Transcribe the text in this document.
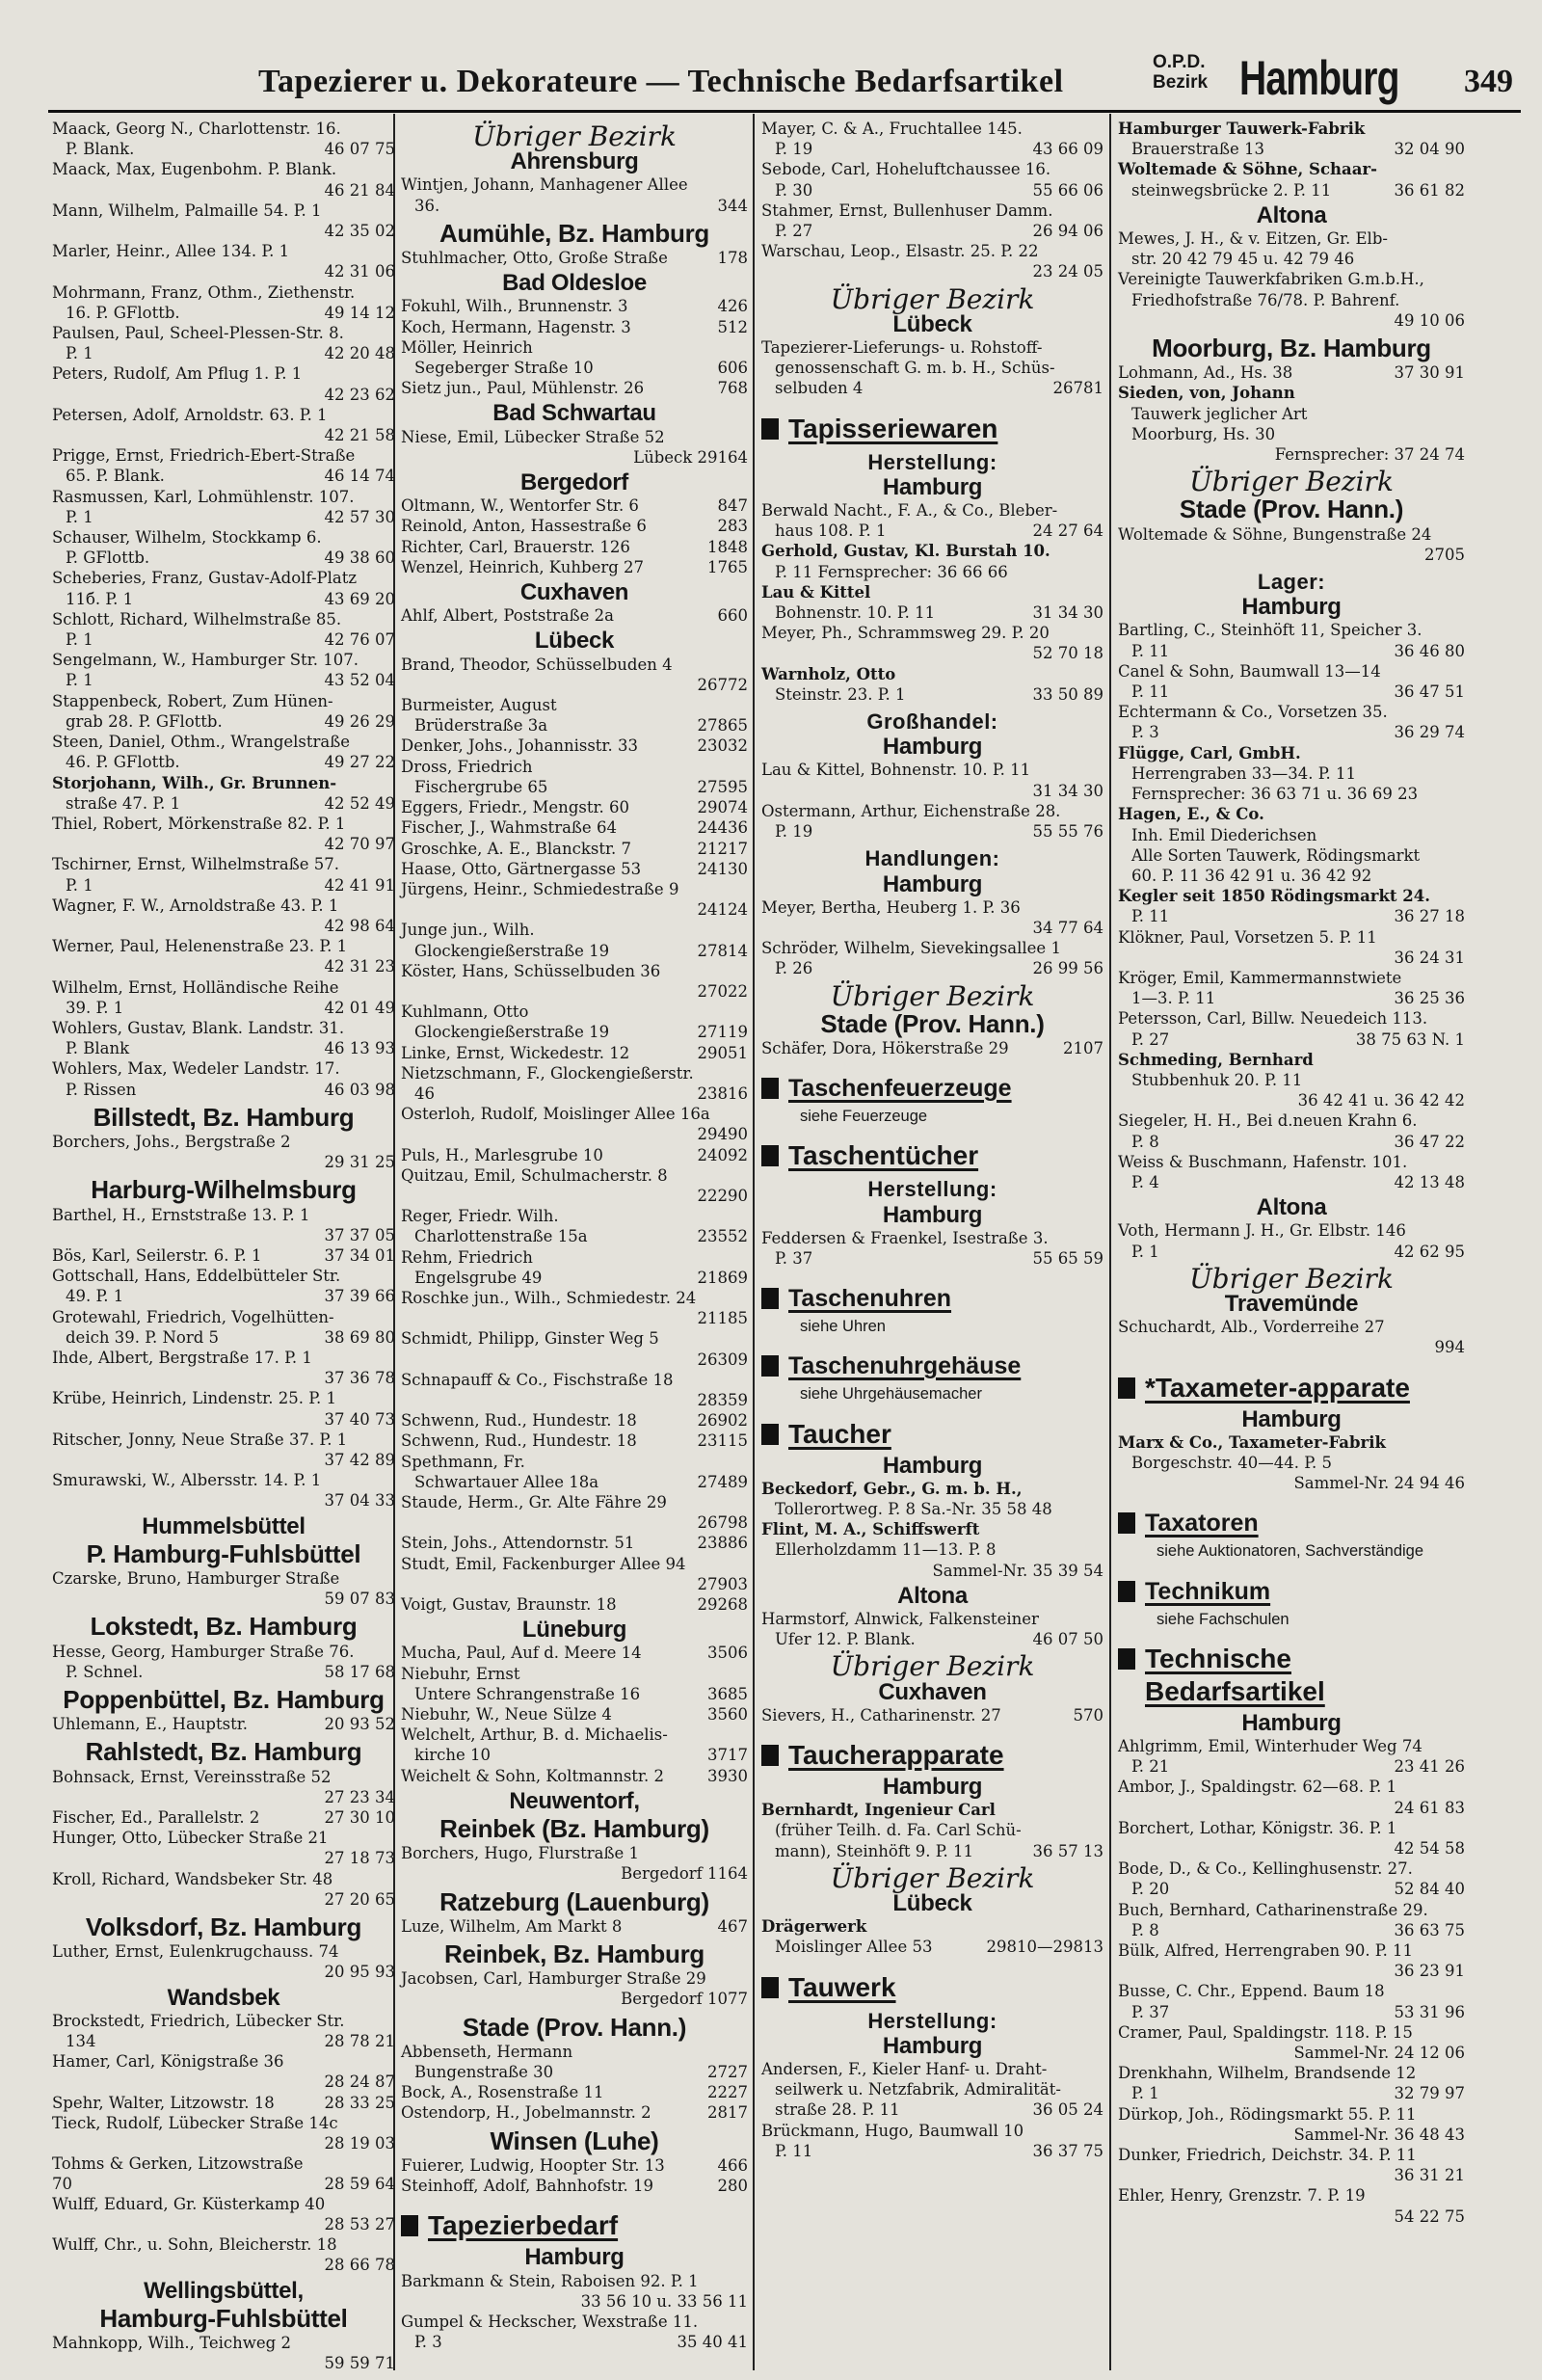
Tapezierer u. Dekorateure — Technische Bedarfsartikel
O.P.D.
Bezirk Hamburg 349
Maack, Georg N., Charlottenstr. 16.
P. Blank.	46 07 75
Maack, Max, Eugenbohm. P. Blank.
46 21 84
Mann, Wilhelm, Palmaille 54. P. 1
42 35 02
Marler, Heinr., Allee 134. P. 1
42 31 06
Mohrmann, Franz, Othm., Ziethenstr.
16. P. GFlottb.	49 14 12
Paulsen, Paul, Scheel-Plessen-Str. 8.
P. 1	42 20 48
Peters, Rudolf, Am Pflug 1. P. 1
42 23 62
Petersen, Adolf, Arnoldstr. 63. P. 1
42 21 58
Prigge, Ernst, Friedrich-Ebert-Straße
65. P. Blank.	46 14 74
Rasmussen, Karl, Lohmühlenstr. 107.
P. 1	42 57 30
Schauser, Wilhelm, Stockkamp 6.
P. GFlottb.	49 38 60
Scheberies, Franz, Gustav-Adolf-Platz
11б. P. 1	43 69 20
Schlott, Richard, Wilhelmstraße 85.
P. 1	42 76 07
Sengelmann, W., Hamburger Str. 107.
P. 1	43 52 04
Stappenbeck, Robert, Zum Hünen-
grab 28. P. GFlottb.	49 26 29
Steen, Daniel, Othm., Wrangelstraße
46. P. GFlottb.	49 27 22
Storjohann, Wilh., Gr. Brunnen-
straße 47. P. 1	42 52 49
Thiel, Robert, Mörkenstraße 82. P. 1
42 70 97
Tschirner, Ernst, Wilhelmstraße 57.
P. 1	42 41 91
Wagner, F. W., Arnoldstraße 43. P. 1
42 98 64
Werner, Paul, Helenenstraße 23. P. 1
42 31 23
Wilhelm, Ernst, Holländische Reihe
39. P. 1	42 01 49
Wohlers, Gustav, Blank. Landstr. 31.
P. Blank	46 13 93
Wohlers, Max, Wedeler Landstr. 17.
P. Rissen	46 03 98
Billstedt, Bz. Hamburg
Borchers, Johs., Bergstraße 2
29 31 25
Harburg-Wilhelmsburg
Barthel, H., Ernststraße 13. P. 1
37 37 05
Bös, Karl, Seilerstr. 6. P. 1	37 34 01
Gottschall, Hans, Eddelbütteler Str.
49. P. 1	37 39 66
Grotewahl, Friedrich, Vogelhütten-
deich 39. P. Nord 5	38 69 80
Ihde, Albert, Bergstraße 17. P. 1
37 36 78
Krübe, Heinrich, Lindenstr. 25. P. 1
37 40 73
Ritscher, Jonny, Neue Straße 37. P. 1
37 42 89
Smurawski, W., Albersstr. 14. P. 1
37 04 33
Hummelsbüttel
P. Hamburg-Fuhlsbüttel
Czarske, Bruno, Hamburger Straße
59 07 83
Lokstedt, Bz. Hamburg
Hesse, Georg, Hamburger Straße 76.
P. Schnel.	58 17 68
Poppenbüttel, Bz. Hamburg
Uhlemann, E., Hauptstr.	20 93 52
Rahlstedt, Bz. Hamburg
Bohnsack, Ernst, Vereinsstraße 52
27 23 34
Fischer, Ed., Parallelstr. 2	27 30 10
Hunger, Otto, Lübecker Straße 21
27 18 73
Kroll, Richard, Wandsbeker Str. 48
27 20 65
Volksdorf, Bz. Hamburg
Luther, Ernst, Eulenkrugchauss. 74
20 95 93
Wandsbek
Brockstedt, Friedrich, Lübecker Str.
134	28 78 21
Hamer, Carl, Königstraße 36
28 24 87
Spehr, Walter, Litzowstr. 18	28 33 25
Tieck, Rudolf, Lübecker Straße 14c
28 19 03
Tohms & Gerken, Litzowstraße 70	28 59 64
Wulff, Eduard, Gr. Küsterkamp 40
28 53 27
Wulff, Chr., u. Sohn, Bleicherstr. 18
28 66 78
Wellingsbüttel,
Hamburg-Fuhlsbüttel
Mahnkopp, Wilh., Teichweg 2
59 59 71
Übriger Bezirk
Ahrensburg
Wintjen, Johann, Manhagener Allee
36.	344
Aumühle, Bz. Hamburg
Stuhlmacher, Otto, Große Straße	178
Bad Oldesloe
Fokuhl, Wilh., Brunnenstr. 3	426
Koch, Hermann, Hagenstr. 3	512
Möller, Heinrich
Segeberger Straße 10	606
Sietz jun., Paul, Mühlenstr. 26	768
Bad Schwartau
Niese, Emil, Lübecker Straße 52
Lübeck 29164
Bergedorf
Oltmann, W., Wentorfer Str. 6	847
Reinold, Anton, Hassestraße 6	283
Richter, Carl, Brauerstr. 126	1848
Wenzel, Heinrich, Kuhberg 27	1765
Cuxhaven
Ahlf, Albert, Poststraße 2a	660
Lübeck
Brand, Theodor, Schüsselbuden 4
26772
Burmeister, August
Brüderstraße 3a	27865
Denker, Johs., Johannisstr. 33	23032
Dross, Friedrich
Fischergrube 65	27595
Eggers, Friedr., Mengstr. 60	29074
Fischer, J., Wahmstraße 64	24436
Groschke, A. E., Blanckstr. 7	21217
Haase, Otto, Gärtnergasse 53	24130
Jürgens, Heinr., Schmiedestraße 9
24124
Junge jun., Wilh.
Glockengießerstraße 19	27814
Köster, Hans, Schüsselbuden 36
27022
Kuhlmann, Otto
Glockengießerstraße 19	27119
Linke, Ernst, Wickedestr. 12	29051
Nietzschmann, F., Glockengießerstr.
46	23816
Osterloh, Rudolf, Moislinger Allee 16a
29490
Puls, H., Marlesgrube 10	24092
Quitzau, Emil, Schulmacherstr. 8
22290
Reger, Friedr. Wilh.
Charlottenstraße 15a	23552
Rehm, Friedrich
Engelsgrube 49	21869
Roschke jun., Wilh., Schmiedestr. 24
21185
Schmidt, Philipp, Ginster Weg 5
26309
Schnapauff & Co., Fischstraße 18
28359
Schwenn, Rud., Hundestr. 18	26902
Schwenn, Rud., Hundestr. 18	23115
Spethmann, Fr.
Schwartauer Allee 18a	27489
Staude, Herm., Gr. Alte Fähre 29
26798
Stein, Johs., Attendornstr. 51	23886
Studt, Emil, Fackenburger Allee 94
27903
Voigt, Gustav, Braunstr. 18	29268
Lüneburg
Mucha, Paul, Auf d. Meere 14	3506
Niebuhr, Ernst
Untere Schrangenstraße 16	3685
Niebuhr, W., Neue Sülze 4	3560
Welchelt, Arthur, B. d. Michaelis-
kirche 10	3717
Weichelt & Sohn, Koltmannstr. 2	3930
Neuwentorf,
Reinbek (Bz. Hamburg)
Borchers, Hugo, Flurstraße 1
Bergedorf 1164
Ratzeburg (Lauenburg)
Luze, Wilhelm, Am Markt 8	467
Reinbek, Bz. Hamburg
Jacobsen, Carl, Hamburger Straße 29
Bergedorf 1077
Stade (Prov. Hann.)
Abbenseth, Hermann
Bungenstraße 30	2727
Bock, A., Rosenstraße 11	2227
Ostendorp, H., Jobelmannstr. 2	2817
Winsen (Luhe)
Fuierer, Ludwig, Hoopter Str. 13	466
Steinhoff, Adolf, Bahnhofstr. 19	280
Tapezierbedarf
Hamburg
Barkmann & Stein, Raboisen 92. P. 1
33 56 10 u. 33 56 11
Gumpel & Heckscher, Wexstraße 11.
P. 3	35 40 41
Mayer, C. & A., Fruchtallee 145.
P. 19	43 66 09
Sebode, Carl, Hoheluftchaussee 16.
P. 30	55 66 06
Stahmer, Ernst, Bullenhuser Damm.
P. 27	26 94 06
Warschau, Leop., Elsastr. 25. P. 22
23 24 05
Übriger Bezirk
Lübeck
Tapezierer-Lieferungs- u. Rohstoff-
genossenschaft G. m. b. H., Schüs-
selbuden 4	26781
Tapisseriewaren
Herstellung:
Hamburg
Berwald Nacht., F. A., & Co., Bleber-
haus 108. P. 1	24 27 64
Gerhold, Gustav, Kl. Burstah 10.
P. 11 Fernsprecher: 36 66 66
Lau & Kittel
Bohnenstr. 10. P. 11	31 34 30
Meyer, Ph., Schrammsweg 29. P. 20
52 70 18
Warnholz, Otto
Steinstr. 23. P. 1	33 50 89
Großhandel:
Hamburg
Lau & Kittel, Bohnenstr. 10. P. 11
31 34 30
Ostermann, Arthur, Eichenstraße 28.
P. 19	55 55 76
Handlungen:
Hamburg
Meyer, Bertha, Heuberg 1. P. 36
34 77 64
Schröder, Wilhelm, Sievekingsallee 1
P. 26	26 99 56
Übriger Bezirk
Stade (Prov. Hann.)
Schäfer, Dora, Hökerstraße 29	2107
Taschenfeuerzeuge
siehe Feuerzeuge
Taschentücher
Herstellung:
Hamburg
Feddersen & Fraenkel, Isestraße 3.
P. 37	55 65 59
Taschenuhren
siehe Uhren
Taschenuhrgehäuse
siehe Uhrgehäusemacher
Taucher
Hamburg
Beckedorf, Gebr., G. m. b. H.,
Tollerortweg. P. 8 Sa.-Nr. 35 58 48
Flint, M. A., Schiffswerft
Ellerholzdamm 11—13. P. 8
Sammel-Nr. 35 39 54
Altona
Harmstorf, Alnwick, Falkensteiner
Ufer 12. P. Blank.	46 07 50
Übriger Bezirk
Cuxhaven
Sievers, H., Catharinenstr. 27	570
Taucherapparate
Hamburg
Bernhardt, Ingenieur Carl
(früher Teilh. d. Fa. Carl Schü-
mann), Steinhöft 9. P. 11	36 57 13
Übriger Bezirk
Lübeck
Drägerwerk
Moislinger Allee 53	29810—29813
Tauwerk
Herstellung:
Hamburg
Andersen, F., Kieler Hanf- u. Draht-
seilwerk u. Netzfabrik, Admiralität-
straße 28. P. 11	36 05 24
Brückmann, Hugo, Baumwall 10
P. 11	36 37 75
Hamburger Tauwerk-Fabrik
Brauerstraße 13	32 04 90
Woltemade & Söhne, Schaar-
steinwegsbrücke 2. P. 11	36 61 82
Altona
Mewes, J. H., & v. Eitzen, Gr. Elb-
str. 20 42 79 45 u. 42 79 46
Vereinigte Tauwerkfabriken G.m.b.H.,
Friedhofstraße 76/78. P. Bahrenf.
49 10 06
Moorburg, Bz. Hamburg
Lohmann, Ad., Hs. 38	37 30 91
Sieden, von, Johann
Tauwerk jeglicher Art
Moorburg, Hs. 30
Fernsprecher: 37 24 74
Übriger Bezirk
Stade (Prov. Hann.)
Woltemade & Söhne, Bungenstraße 24
2705
Lager:
Hamburg
Bartling, C., Steinhöft 11, Speicher 3.
P. 11	36 46 80
Canel & Sohn, Baumwall 13—14
P. 11	36 47 51
Echtermann & Co., Vorsetzen 35.
P. 3	36 29 74
Flügge, Carl, GmbH.
Herrengraben 33—34. P. 11
Fernsprecher: 36 63 71 u. 36 69 23
Hagen, E., & Co.
Inh. Emil Diederichsen
Alle Sorten Tauwerk, Rödingsmarkt
60. P. 11 36 42 91 u. 36 42 92
Kegler seit 1850 Rödingsmarkt 24.
P. 11	36 27 18
Klökner, Paul, Vorsetzen 5. P. 11
36 24 31
Kröger, Emil, Kammermannstwiete
1—3. P. 11	36 25 36
Petersson, Carl, Billw. Neuedeich 113.
P. 27	38 75 63 N. 1
Schmeding, Bernhard
Stubbenhuk 20. P. 11
36 42 41 u. 36 42 42
Siegeler, H. H., Bei d.neuen Krahn 6.
P. 8	36 47 22
Weiss & Buschmann, Hafenstr. 101.
P. 4	42 13 48
Altona
Voth, Hermann J. H., Gr. Elbstr. 146
P. 1	42 62 95
Übriger Bezirk
Travemünde
Schuchardt, Alb., Vorderreihe 27
994
*Taxameter-apparate
Hamburg
Marx & Co., Taxameter-Fabrik
Borgeschstr. 40—44. P. 5
Sammel-Nr. 24 94 46
Taxatoren
siehe Auktionatoren, Sachverständige
Technikum
siehe Fachschulen
Technische Bedarfsartikel
Hamburg
Ahlgrimm, Emil, Winterhuder Weg 74
P. 21	23 41 26
Ambor, J., Spaldingstr. 62—68. P. 1
24 61 83
Borchert, Lothar, Königstr. 36. P. 1
42 54 58
Bode, D., & Co., Kellinghusenstr. 27.
P. 20	52 84 40
Buch, Bernhard, Catharinenstraße 29.
P. 8	36 63 75
Bülk, Alfred, Herrengraben 90. P. 11
36 23 91
Busse, C. Chr., Eppend. Baum 18
P. 37	53 31 96
Cramer, Paul, Spaldingstr. 118. P. 15
Sammel-Nr. 24 12 06
Drenkhahn, Wilhelm, Brandsende 12
P. 1	32 79 97
Dürkop, Joh., Rödingsmarkt 55. P. 11
Sammel-Nr. 36 48 43
Dunker, Friedrich, Deichstr. 34. P. 11
36 31 21
Ehler, Henry, Grenzstr. 7. P. 19
54 22 75
